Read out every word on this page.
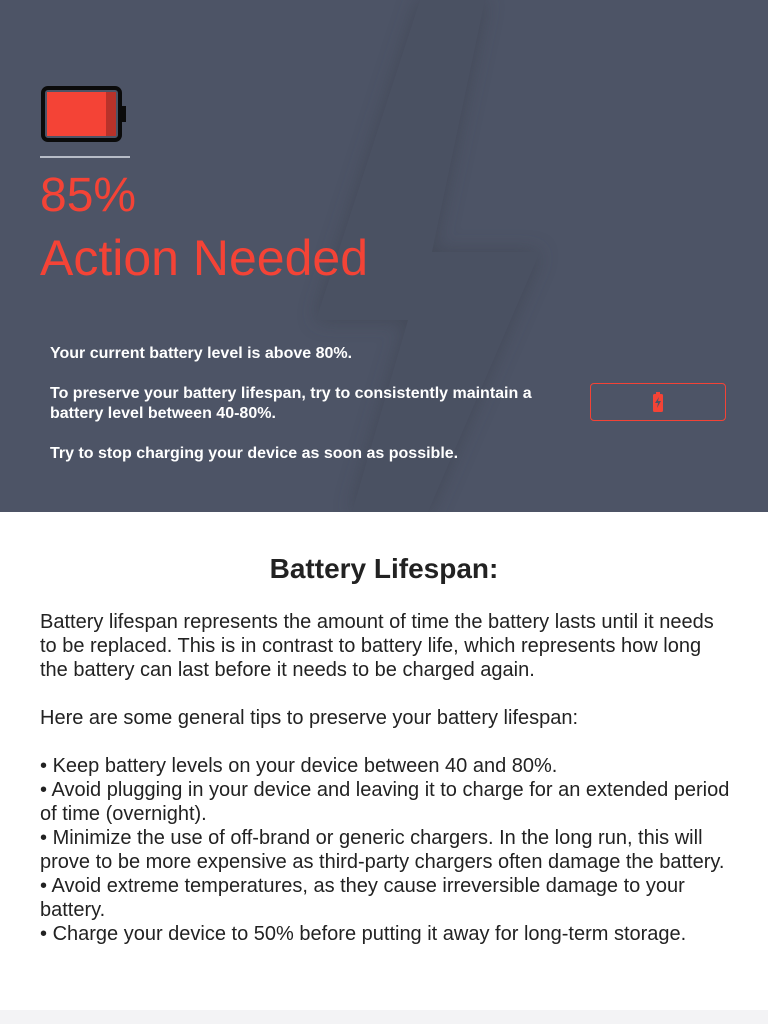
85%
Action Needed

Your current battery level is above 80%.

To preserve your battery lifespan, try to consistently maintain a battery level between 40-80%.

Try to stop charging your device as soon as possible.

Battery Lifespan:

Battery lifespan represents the amount of time the battery lasts until it needs to be replaced. This is in contrast to battery life, which represents how long the battery can last before it needs to be charged again.

Here are some general tips to preserve your battery lifespan:

• Keep battery levels on your device between 40 and 80%.
• Avoid plugging in your device and leaving it to charge for an extended period of time (overnight).
• Minimize the use of off-brand or generic chargers. In the long run, this will prove to be more expensive as third-party chargers often damage the battery.
• Avoid extreme temperatures, as they cause irreversible damage to your battery.
• Charge your device to 50% before putting it away for long-term storage.
